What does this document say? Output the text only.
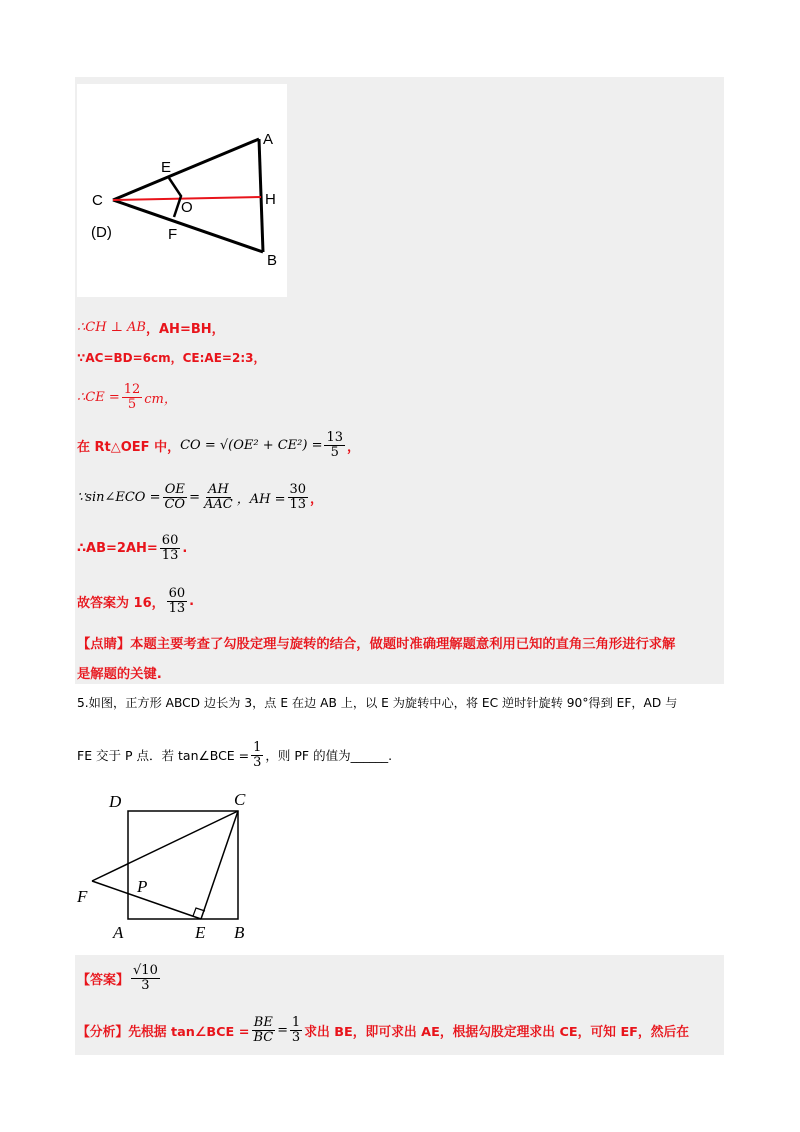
A
B
C
(D)
E
F
O	H
∴CH ⊥ AB ，AH=BH，
∵AC=BD=6cm，CE:AE=2:3，
∴CE = $\frac{12}{5}$ cm，
在 Rt△OEF 中， CO = $√(OE^2 + CE^2) = \frac{13}{5}$ ，
∵sin∠ECO = $\frac{OE}{CO} = \frac{AH}{\text{AAC}}$ ，AH = $\frac{30}{13}$ ，
∴AB=2AH= $\frac{60}{13}$ .
故答案为 16， $\frac{60}{13}$ .
【点睛】本题主要考查了勾股定理与旋转的结合，做题时准确理解题意利用已知的直角三角形进行求解
是解题的关键.
5.如图，正方形 ABCD 边长为 3，点 E 在边 AB 上，以 E 为旋转中心，将 EC 逆时针旋转 90°得到 EF，AD 与
FE 交于 P 点．若 tan∠BCE = $\frac{1}{3}$ ，则 PF 的值为______.
D	C
F
P
A	E B
【答案】 $\frac{√10}{3}$
【分析】 先根据 tan∠BCE = $\frac{BE}{BC} = \frac{1}{3}$ 求出 BE，即可求出 AE，根据勾股定理求出 CE，可知 EF，然后在
